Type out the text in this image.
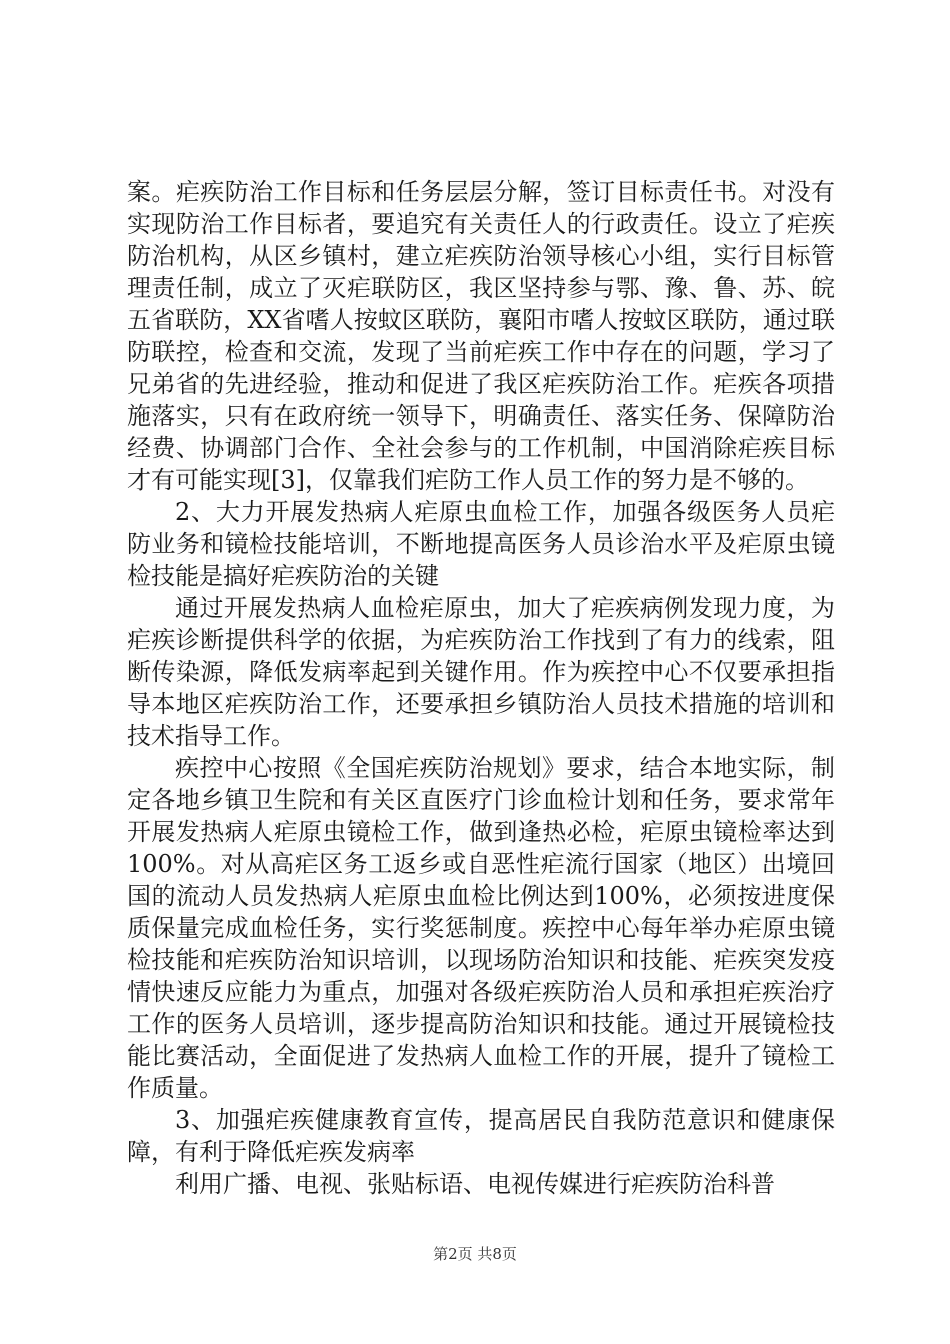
案。疟疾防治工作目标和任务层层分解，签订目标责任书。对没有实现防治工作目标者，要追究有关责任人的行政责任。设立了疟疾防治机构，从区乡镇村，建立疟疾防治领导核心小组，实行目标管理责任制，成立了灭疟联防区，我区坚持参与鄂、豫、鲁、苏、皖五省联防，XX省嗜人按蚊区联防，襄阳市嗜人按蚊区联防，通过联防联控，检查和交流，发现了当前疟疾工作中存在的问题，学习了兄弟省的先进经验，推动和促进了我区疟疾防治工作。疟疾各项措施落实，只有在政府统一领导下，明确责任、落实任务、保障防治经费、协调部门合作、全社会参与的工作机制，中国消除疟疾目标才有可能实现[3]，仅靠我们疟防工作人员工作的努力是不够的。

2、大力开展发热病人疟原虫血检工作，加强各级医务人员疟防业务和镜检技能培训，不断地提高医务人员诊治水平及疟原虫镜检技能是搞好疟疾防治的关键

通过开展发热病人血检疟原虫，加大了疟疾病例发现力度，为疟疾诊断提供科学的依据，为疟疾防治工作找到了有力的线索，阻断传染源，降低发病率起到关键作用。作为疾控中心不仅要承担指导本地区疟疾防治工作，还要承担乡镇防治人员技术措施的培训和技术指导工作。

疾控中心按照《全国疟疾防治规划》要求，结合本地实际，制定各地乡镇卫生院和有关区直医疗门诊血检计划和任务，要求常年开展发热病人疟原虫镜检工作，做到逢热必检，疟原虫镜检率达到100%。对从高疟区务工返乡或自恶性疟流行国家（地区）出境回国的流动人员发热病人疟原虫血检比例达到100%，必须按进度保质保量完成血检任务，实行奖惩制度。疾控中心每年举办疟原虫镜检技能和疟疾防治知识培训，以现场防治知识和技能、疟疾突发疫情快速反应能力为重点，加强对各级疟疾防治人员和承担疟疾治疗工作的医务人员培训，逐步提高防治知识和技能。通过开展镜检技能比赛活动，全面促进了发热病人血检工作的开展，提升了镜检工作质量。

3、加强疟疾健康教育宣传，提高居民自我防范意识和健康保障，有利于降低疟疾发病率

利用广播、电视、张贴标语、电视传媒进行疟疾防治科普

第2页 共8页
